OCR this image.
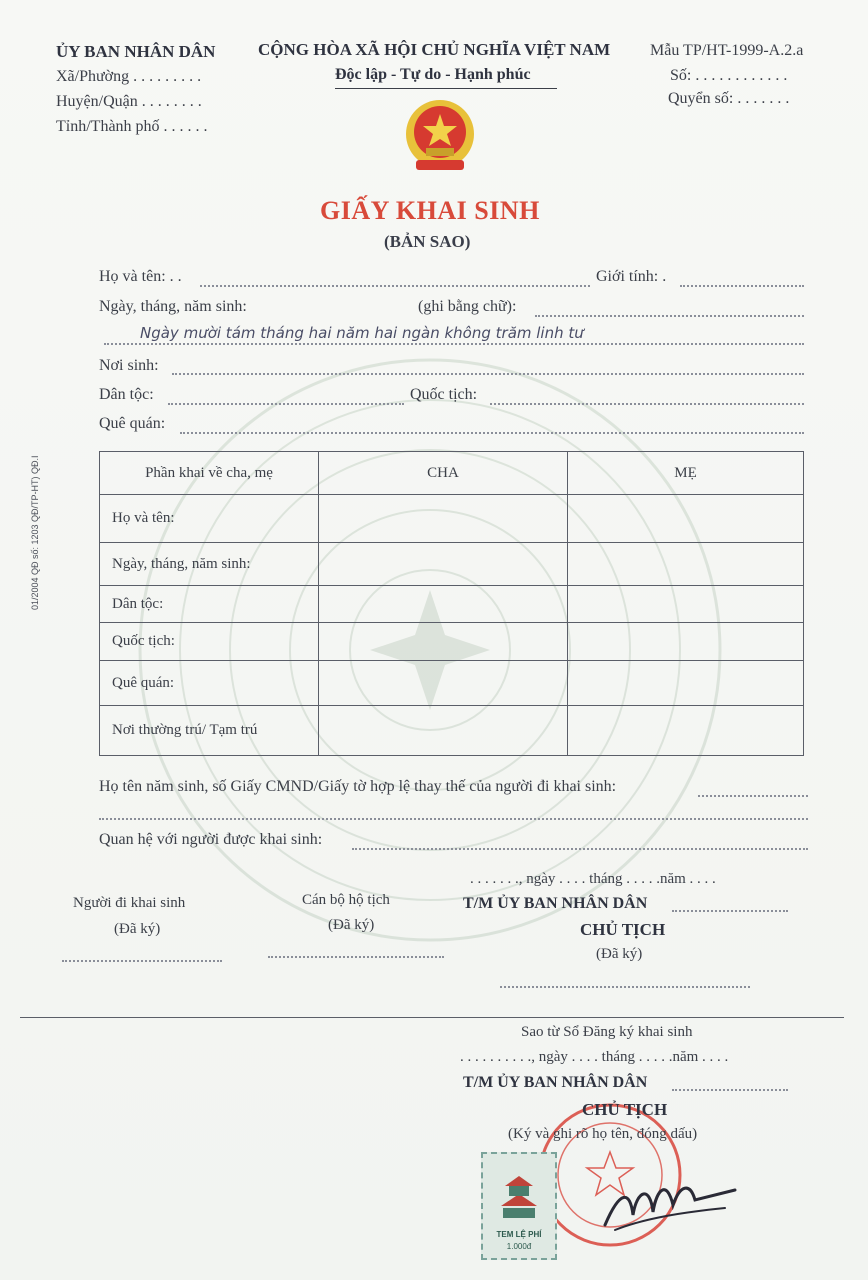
ỦY BAN NHÂN DÂN
Xã/Phường . . . . . . . . .
Huyện/Quận . . . . . . . .
Tỉnh/Thành phố . . . . . .
CỘNG HÒA XÃ HỘI CHỦ NGHĨA VIỆT NAM
Độc lập - Tự do - Hạnh phúc
Mẫu TP/HT-1999-A.2.a
Số: . . . . . . . . . . . .
Quyển số: . . . . . . .
GIẤY KHAI SINH
(BẢN SAO)
01/2004 QĐ số: 1203 QĐ/TP-HT) QĐ.I
Họ và tên: . .	Giới tính: .
Ngày, tháng, năm sinh:	(ghi bằng chữ):
Ngày mười tám tháng hai năm hai ngàn không trăm linh tư
Nơi sinh:
Dân tộc:	Quốc tịch:
Quê quán:
Phần khai về cha, mẹ	CHA	MẸ
Họ và tên:		
Ngày, tháng, năm sinh:		
Dân tộc:		
Quốc tịch:		
Quê quán:		
Nơi thường trú/ Tạm trú		
Họ tên năm sinh, số Giấy CMND/Giấy tờ hợp lệ thay thế của người đi khai sinh:
Quan hệ với người được khai sinh:
. . . . . . ., ngày . . . . tháng . . . . .năm . . . .
Người đi khai sinh
(Đã ký)
Cán bộ hộ tịch
(Đã ký)
T/M ỦY BAN NHÂN DÂN
CHỦ TỊCH
(Đã ký)
Sao từ Sổ Đăng ký khai sinh
. . . . . . . . . ., ngày . . . . tháng . . . . .năm . . . .
T/M ỦY BAN NHÂN DÂN
CHỦ TỊCH
(Ký và ghi rõ họ tên, đóng dấu)
TEM LỆ PHÍ
1.000đ
